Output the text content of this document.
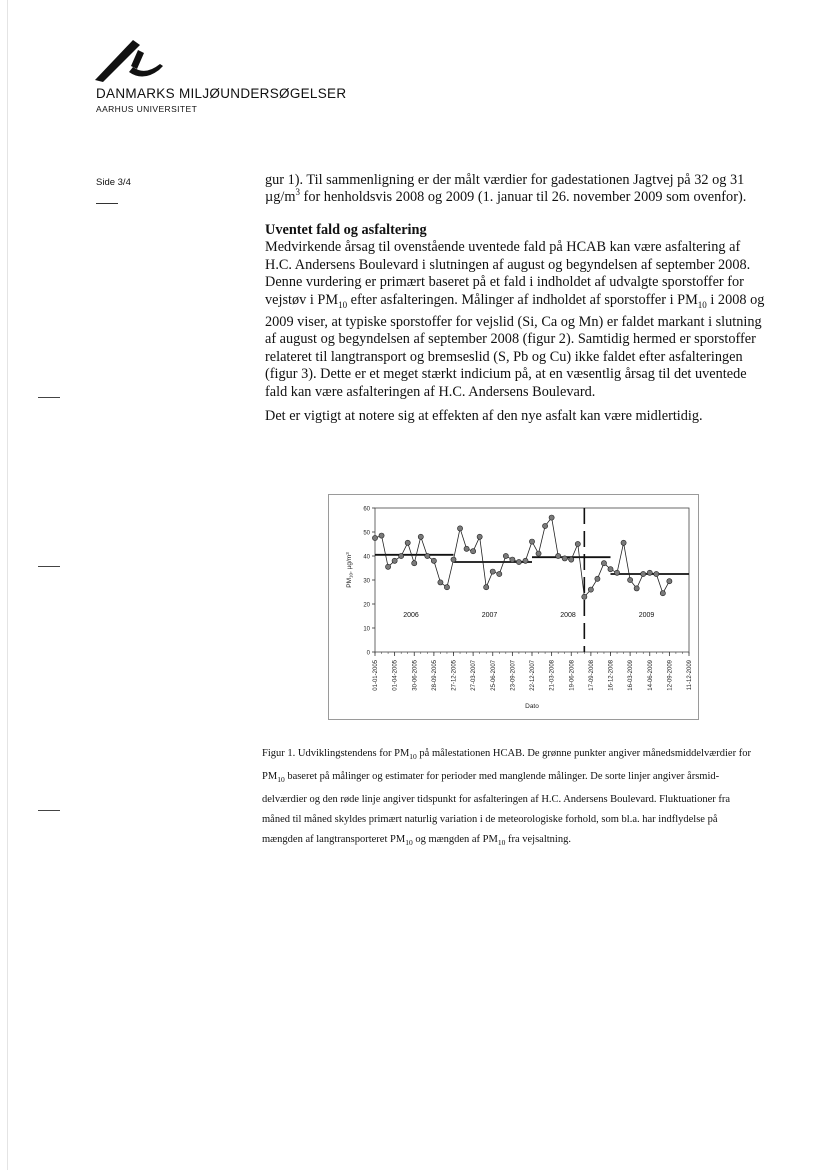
DANMARKS MILJØUNDERSØGELSER
AARHUS UNIVERSITET
Side 3/4	gur 1). Til sammenligning er der målt værdier for gadestationen Jagtvej på 32 og 31
$\mu g/m^3$ for henholdsvis 2008 og 2009 (1. januar til 26. november 2009 som ovenfor).

Uventet fald og asfaltering

Medvirkende årsag til ovenstående uventede fald på HCAB kan være asfaltering af H.C. Andersens Boulevard i slutningen af august og begyndelsen af september 2008. Denne vurdering er primært baseret på et fald i indholdet af udvalgte sporstoffer for vejstøv i $PM_{10}$ efter asfalteringen. Målinger af indholdet af sporstoffer i $PM_{10}$ i 2008 og 2009 viser, at typiske sporstoffer for vejslid (Si, Ca og Mn) er faldet markant i slutning af august og begyndelsen af september 2008 (figur 2). Samtidig hermed er sporstoffer relateret til langtransport og bremseslid (S, Pb og Cu) ikke faldet efter asfalteringen (figur 3). Dette er et meget stærkt indicium på, at en væsentlig årsag til det uventede fald kan være asfalteringen af H.C. Andersens Boulevard.

Det er vigtigt at notere sig at effekten af den nye asfalt kan være midlertidig.
0
10
20
30
40
50
60
01-01-2005 01-04-2005 30-06-2005 28-09-2005 27-12-2005 27-03-2007 25-06-2007 23-09-2007 22-12-2007 21-03-2008 19-06-2008 17-09-2008 16-12-2008 16-03-2009 14-06-2009 12-09-2009 11-12-2009
$PM_{10}$, $\mu g/m^3$
Dato
2006	2007	2008	2009
Figur 1. Udviklingstendens for $PM_{10}$ på målestationen HCAB. De grønne punkter angiver månedsmiddelværdier for $PM_{10}$ baseret på målinger og estimater for perioder med manglende målinger. De sorte linjer angiver årsmiddelværdier og den røde linje angiver tidspunkt for asfalteringen af H.C. Andersens Boulevard. Fluktuationer fra måned til måned skyldes primært naturlig variation i de meteorologiske forhold, som bl.a. har indflydelse på mængden af langtransporteret $PM_{10}$ og mængden af $PM_{10}$ fra vejsaltning.
